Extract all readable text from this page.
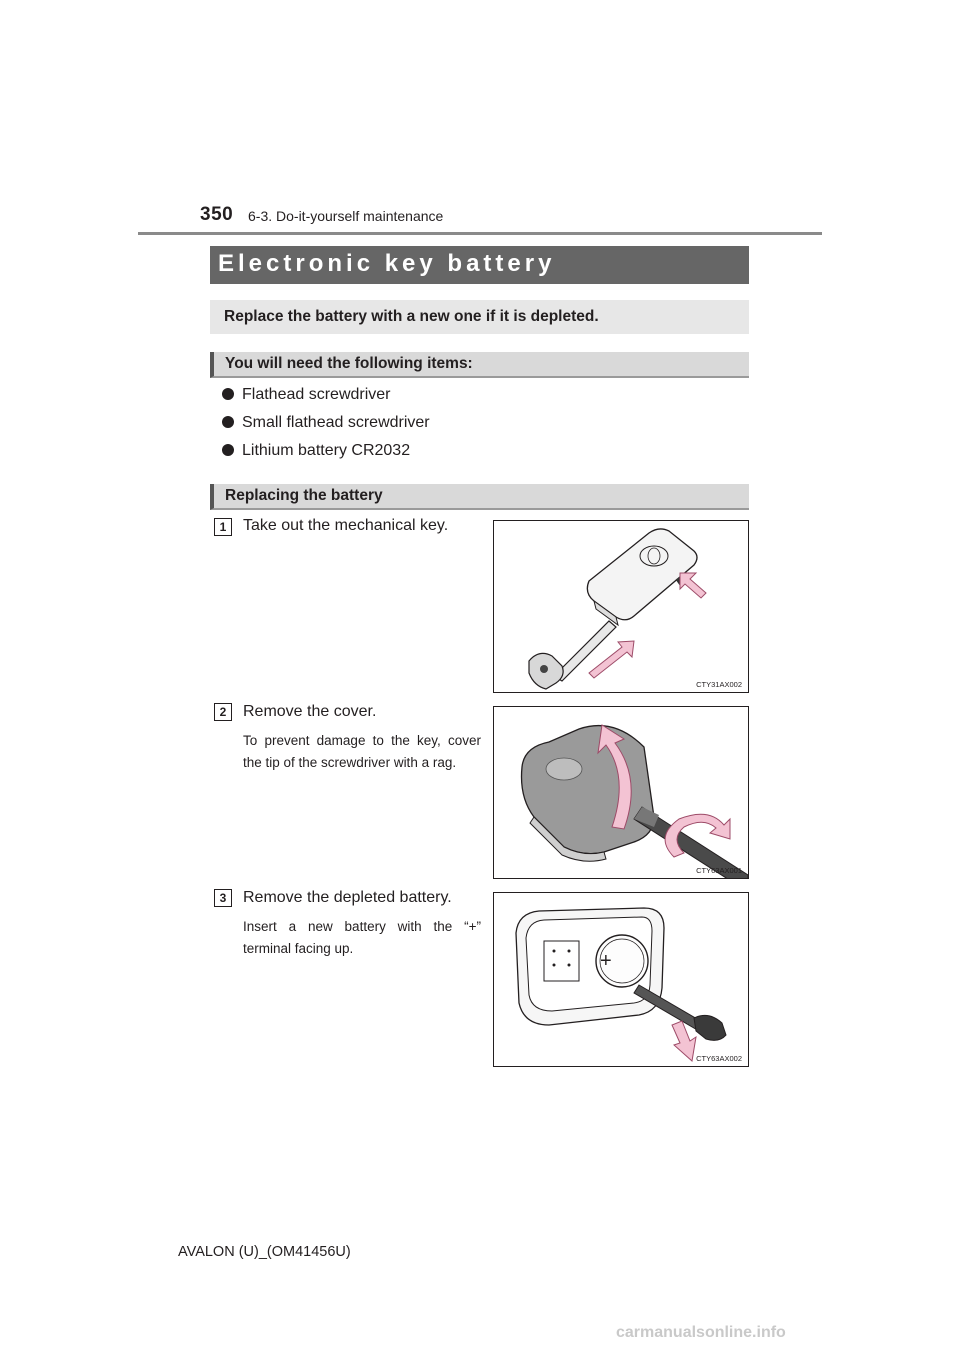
350 6-3. Do-it-yourself maintenance
Electronic key battery
Replace the battery with a new one if it is depleted.
You will need the following items:
Flathead screwdriver
Small flathead screwdriver
Lithium battery CR2032
Replacing the battery
1	Take out the mechanical key.
CTY31AX002
2	Remove the cover.
To prevent damage to the key, cover the tip of the screwdriver with a rag.
CTY63AX001
3	Remove the depleted battery.
Insert a new battery with the “+” terminal facing up.
+
CTY63AX002
AVALON (U)_(OM41456U)
carmanualsonline.info
